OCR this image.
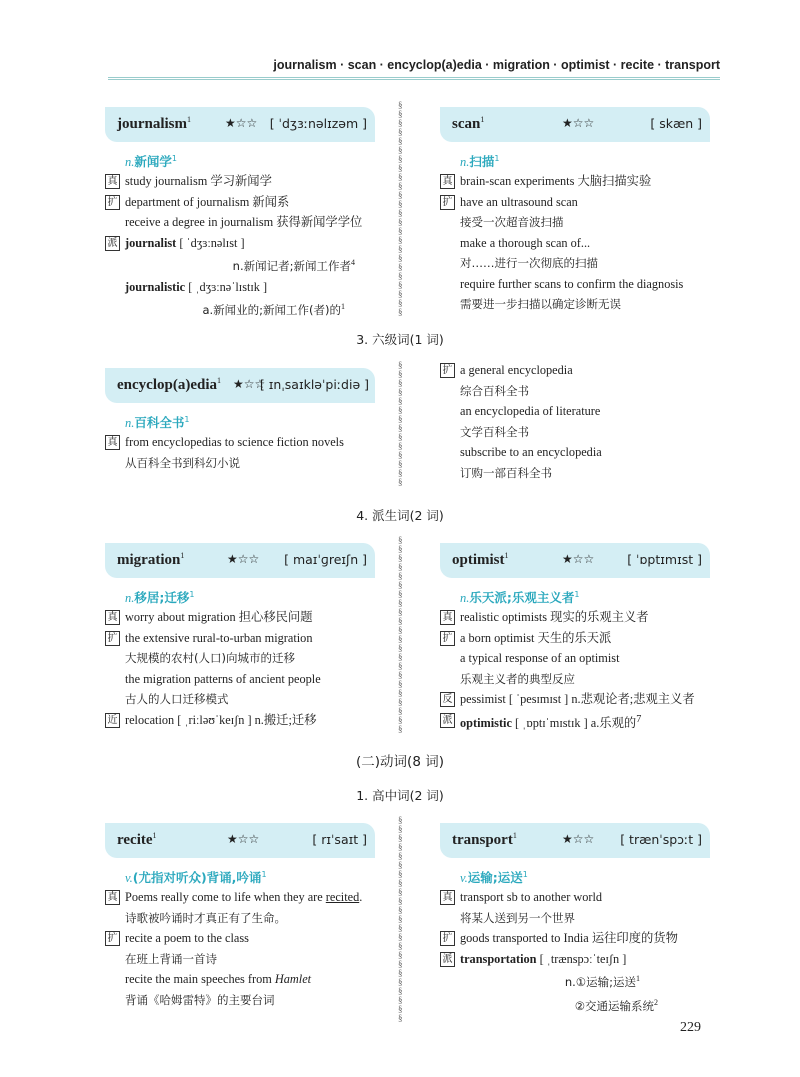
journalism · scan · encyclop(a)edia · migration · optimist · recite · transport
journalism$^1$	★☆☆ [ ˈdʒɜːnəlɪzəm ]
n.新闻学$^1$
真 study journalism 学习新闻学
扩 department of journalism 新闻系
receive a degree in journalism 获得新闻学学位
派 journalist [ ˈdʒɜːnəlɪst ]
n.新闻记者;新闻工作者$^4$
journalistic [ ˌdʒɜːnəˈlɪstɪk ]
a.新闻业的;新闻工作(者)的$^1$
scan$^1$	★☆☆	[ skæn ]
n.扫描$^1$
真 brain-scan experiments 大脑扫描实验
扩 have an ultrasound scan
接受一次超音波扫描
make a thorough scan of...
对……进行一次彻底的扫描
require further scans to confirm the diagnosis
需要进一步扫描以确定诊断无误
3. 六级词(1 词)
encyclop(a)edia$^1$ ★☆☆
[ ɪnˌsaɪkləˈpiːdiə ]
n.百科全书$^1$
真 from encyclopedias to science fiction novels
从百科全书到科幻小说
扩 a general encyclopedia
综合百科全书
an encyclopedia of literature
文学百科全书
subscribe to an encyclopedia
订购一部百科全书
4. 派生词(2 词)
migration$^1$	★☆☆ [ maɪˈɡreɪʃn ]
n.移居;迁移$^1$
真 worry about migration 担心移民问题
扩 the extensive rural-to-urban migration
大规模的农村(人口)向城市的迁移
the migration patterns of ancient people
古人的人口迁移模式
近 relocation [ ˌriːləʊˈkeɪʃn ] n.搬迁;迁移
optimist$^1$	★☆☆	[ ˈɒptɪmɪst ]
n.乐天派;乐观主义者$^1$
真 realistic optimists 现实的乐观主义者
扩 a born optimist 天生的乐天派
a typical response of an optimist
乐观主义者的典型反应
反 pessimist [ ˈpesɪmɪst ] n.悲观论者;悲观主义者
派 optimistic [ ˌɒptɪˈmɪstɪk ] a.乐观的$^7$
(二)动词(8 词)
1. 高中词(2 词)
recite$^1$	★☆☆	[ rɪˈsaɪt ]
v.(尤指对听众)背诵,吟诵$^1$
真 Poems really come to life when they are recited.
诗歌被吟诵时才真正有了生命。
扩 recite a poem to the class
在班上背诵一首诗
recite the main speeches from Hamlet
背诵《哈姆雷特》的主要台词
transport$^1$	★☆☆ [ trænˈspɔːt ]
v.运输;运送$^1$
真 transport sb to another world
将某人送到另一个世界
扩 goods transported to India 运往印度的货物
派 transportation [ ˌtrænspɔːˈteɪʃn ]
n.①运输;运送$^1$
②交通运输系统$^2$
§
§
§
§
§
§
§
§
§
§
§
§
§
§
§
§
§
§
§
§
§
§
§
§
§
§
§
§
§
§
§
§
§
§
§
§
§
§
§
§
§
§
§
§
§
§
§
§
§
§
§
§
§
§
§
§
§
§
§
§
§
§
§
§
§
§
§
§
§
§
§
§
§
§
§
§
§
§
§
§
§
§
§
229
